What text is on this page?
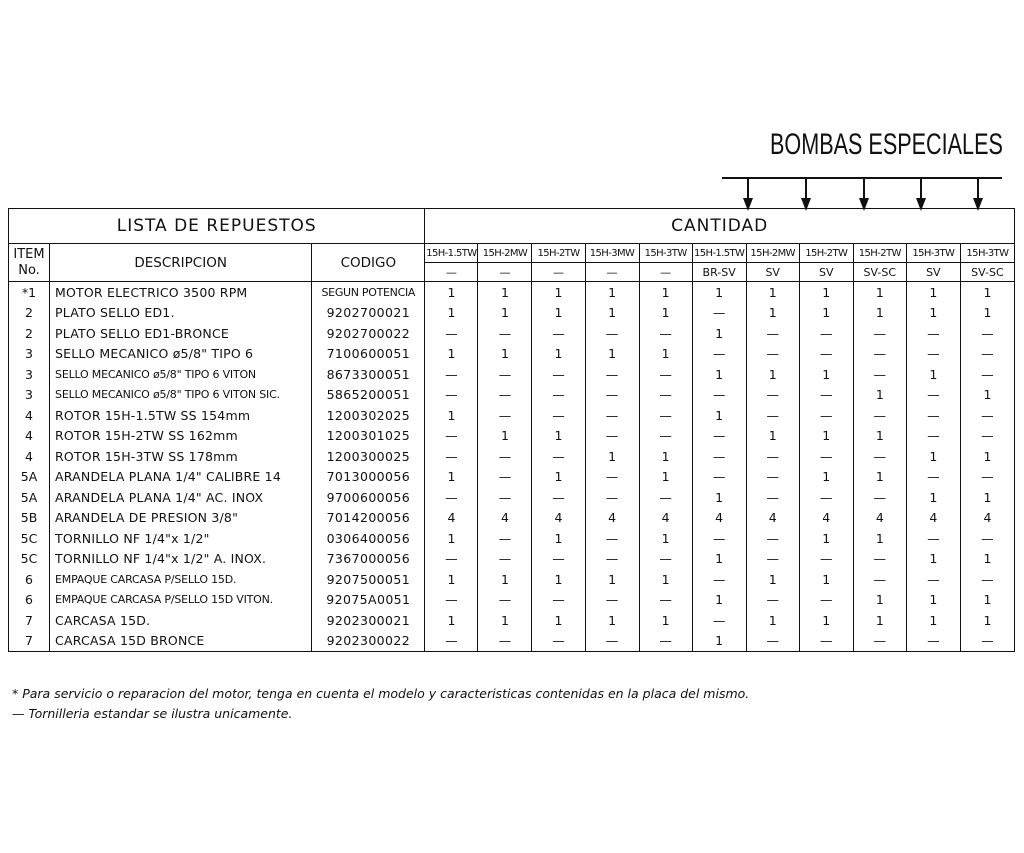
BOMBAS ESPECIALES
LISTA DE REPUESTOS			CANTIDAD										

ITEM
No.	DESCRIPCION	CODIGO	15H-1.5TW	15H-2MW	15H-2TW	15H-3MW	15H-3TW	15H-1.5TW	15H-2MW	15H-2TW	15H-2TW	15H-3TW	15H-3TW
			—	—	—	—	—	BR-SV	SV	SV	SV-SC	SV	SV-SC
*1	MOTOR ELECTRICO 3500 RPM	SEGUN POTENCIA	1	1	1	1	1	1	1	1	1	1	1
2	PLATO SELLO ED1.	9202700021	1	1	1	1	1	—	1	1	1	1	1
2	PLATO SELLO ED1-BRONCE	9202700022	—	—	—	—	—	1	—	—	—	—	—
3	SELLO MECANICO ø5/8" TIPO 6	7100600051	1	1	1	1	1	—	—	—	—	—	—
3	SELLO MECANICO ø5/8" TIPO 6 VITON	8673300051	—	—	—	—	—	1	1	1	—	1	—
3	SELLO MECANICO ø5/8" TIPO 6 VITON SIC.	5865200051	—	—	—	—	—	—	—	—	1	—	1
4	ROTOR 15H-1.5TW SS 154mm	1200302025	1	—	—	—	—	1	—	—	—	—	—
4	ROTOR 15H-2TW SS 162mm	1200301025	—	1	1	—	—	—	1	1	1	—	—
4	ROTOR 15H-3TW SS 178mm	1200300025	—	—	—	1	1	—	—	—	—	1	1
5A	ARANDELA PLANA 1/4" CALIBRE 14	7013000056	1	—	1	—	1	—	—	1	1	—	—
5A	ARANDELA PLANA 1/4" AC. INOX	9700600056	—	—	—	—	—	1	—	—	—	1	1
5B	ARANDELA DE PRESION 3/8"	7014200056	4	4	4	4	4	4	4	4	4	4	4
5C	TORNILLO NF 1/4"x 1/2"	0306400056	1	—	1	—	1	—	—	1	1	—	—
5C	TORNILLO NF 1/4"x 1/2" A. INOX.	7367000056	—	—	—	—	—	1	—	—	—	1	1
6	EMPAQUE CARCASA P/SELLO 15D.	9207500051	1	1	1	1	1	—	1	1	—	—	—
6	EMPAQUE CARCASA P/SELLO 15D VITON.	92075A0051	—	—	—	—	—	1	—	—	1	1	1
7	CARCASA 15D.	9202300021	1	1	1	1	1	—	1	1	1	1	1
7	CARCASA 15D BRONCE	9202300022	—	—	—	—	—	1	—	—	—	—	—
* Para servicio o reparacion del motor, tenga en cuenta el modelo y caracteristicas contenidas en la placa del mismo.
— Tornilleria estandar se ilustra unicamente.
